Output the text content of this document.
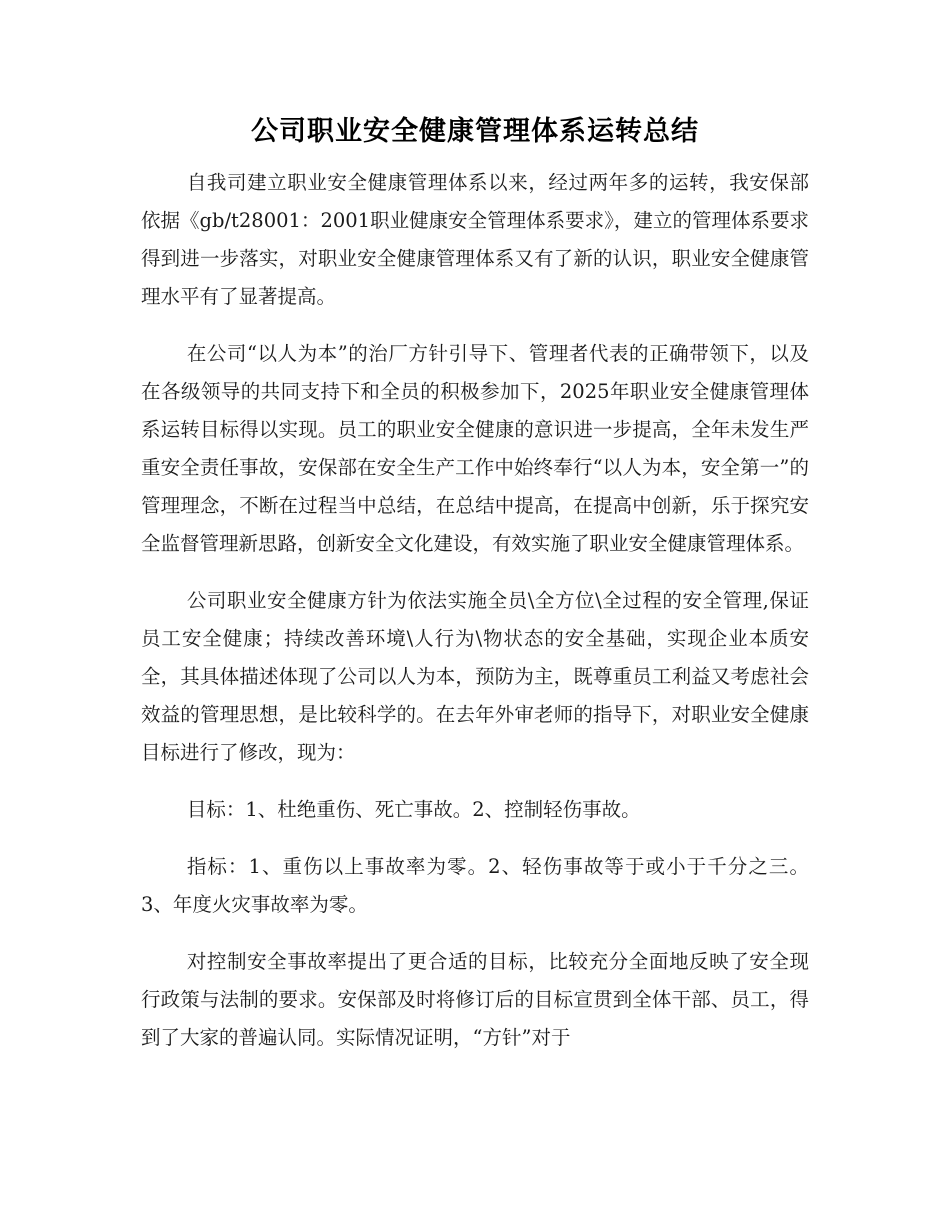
公司职业安全健康管理体系运转总结

自我司建立职业安全健康管理体系以来，经过两年多的运转，我安保部依据《gb/t28001：2001职业健康安全管理体系要求》，建立的管理体系要求得到进一步落实，对职业安全健康管理体系又有了新的认识，职业安全健康管理水平有了显著提高。

在公司“以人为本”的治厂方针引导下、管理者代表的正确带领下，以及在各级领导的共同支持下和全员的积极参加下，2025年职业安全健康管理体系运转目标得以实现。员工的职业安全健康的意识进一步提高，全年未发生严重安全责任事故，安保部在安全生产工作中始终奉行“以人为本，安全第一”的管理理念，不断在过程当中总结，在总结中提高，在提高中创新，乐于探究安全监督管理新思路，创新安全文化建设，有效实施了职业安全健康管理体系。

公司职业安全健康方针为依法实施全员\全方位\全过程的安全管理,保证员工安全健康；持续改善环境\人行为\物状态的安全基础，实现企业本质安全，其具体描述体现了公司以人为本，预防为主，既尊重员工利益又考虑社会效益的管理思想，是比较科学的。在去年外审老师的指导下，对职业安全健康目标进行了修改，现为：

目标：1、杜绝重伤、死亡事故。2、控制轻伤事故。

指标：1、重伤以上事故率为零。2、轻伤事故等于或小于千分之三。3、年度火灾事故率为零。

对控制安全事故率提出了更合适的目标，比较充分全面地反映了安全现行政策与法制的要求。安保部及时将修订后的目标宣贯到全体干部、员工，得到了大家的普遍认同。实际情况证明，“方针”对于
